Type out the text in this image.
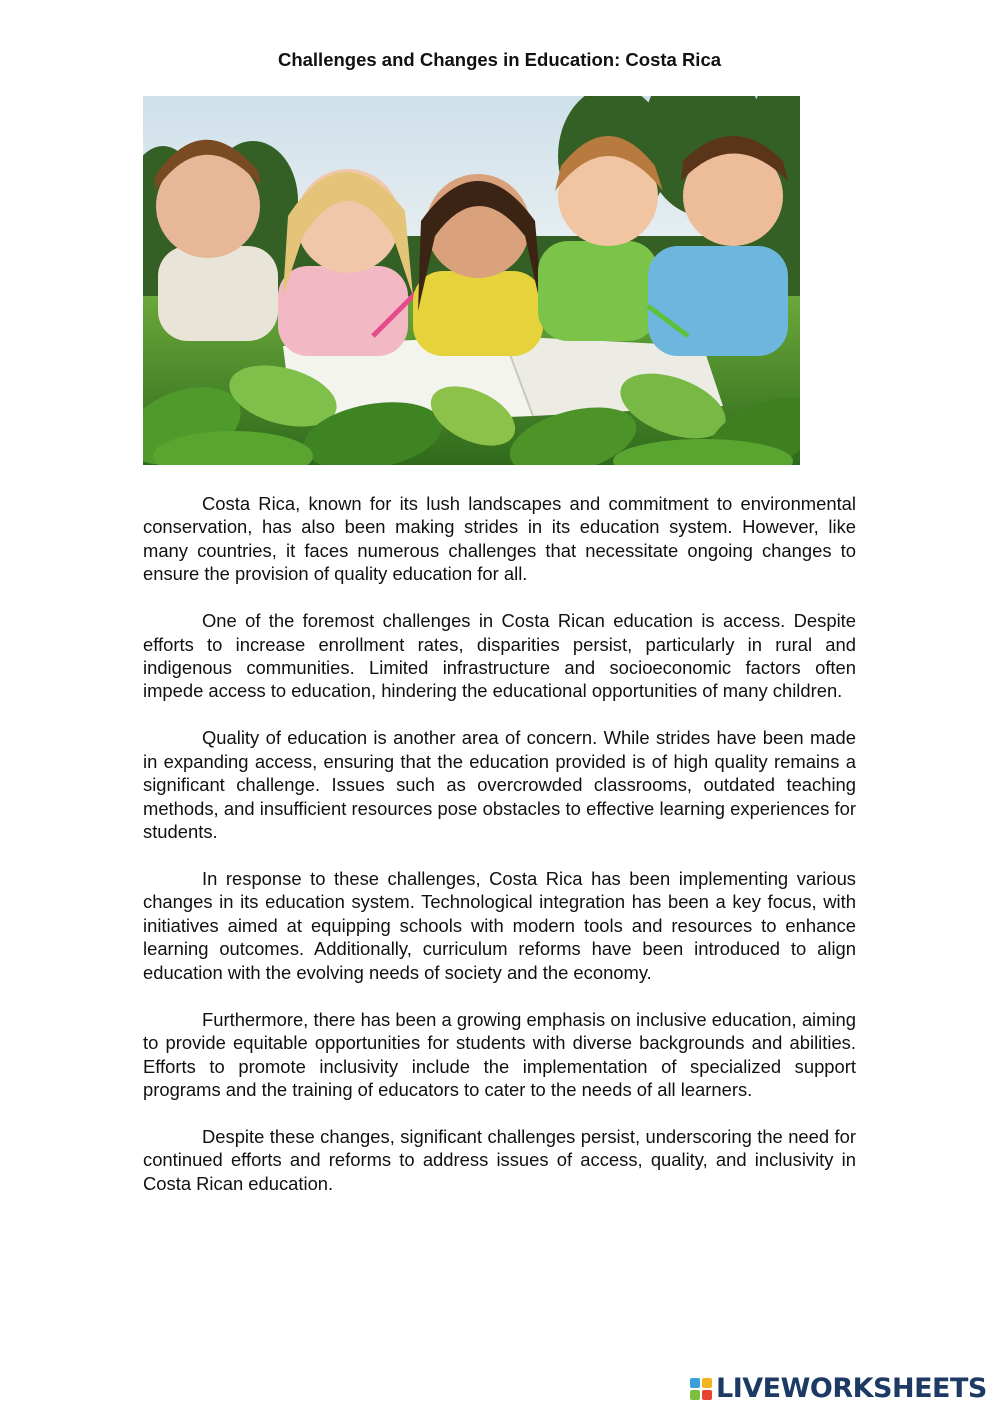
Challenges and Changes in Education: Costa Rica

Costa Rica, known for its lush landscapes and commitment to environmental conservation, has also been making strides in its education system. However, like many countries, it faces numerous challenges that necessitate ongoing changes to ensure the provision of quality education for all.

One of the foremost challenges in Costa Rican education is access. Despite efforts to increase enrollment rates, disparities persist, particularly in rural and indigenous communities. Limited infrastructure and socioeconomic factors often impede access to education, hindering the educational opportunities of many children.

Quality of education is another area of concern. While strides have been made in expanding access, ensuring that the education provided is of high quality remains a significant challenge. Issues such as overcrowded classrooms, outdated teaching methods, and insufficient resources pose obstacles to effective learning experiences for students.

In response to these challenges, Costa Rica has been implementing various changes in its education system. Technological integration has been a key focus, with initiatives aimed at equipping schools with modern tools and resources to enhance learning outcomes. Additionally, curriculum reforms have been introduced to align education with the evolving needs of society and the economy.

Furthermore, there has been a growing emphasis on inclusive education, aiming to provide equitable opportunities for students with diverse backgrounds and abilities. Efforts to promote inclusivity include the implementation of specialized support programs and the training of educators to cater to the needs of all learners.

Despite these changes, significant challenges persist, underscoring the need for continued efforts and reforms to address issues of access, quality, and inclusivity in Costa Rican education.

LIVEWORKSHEETS
